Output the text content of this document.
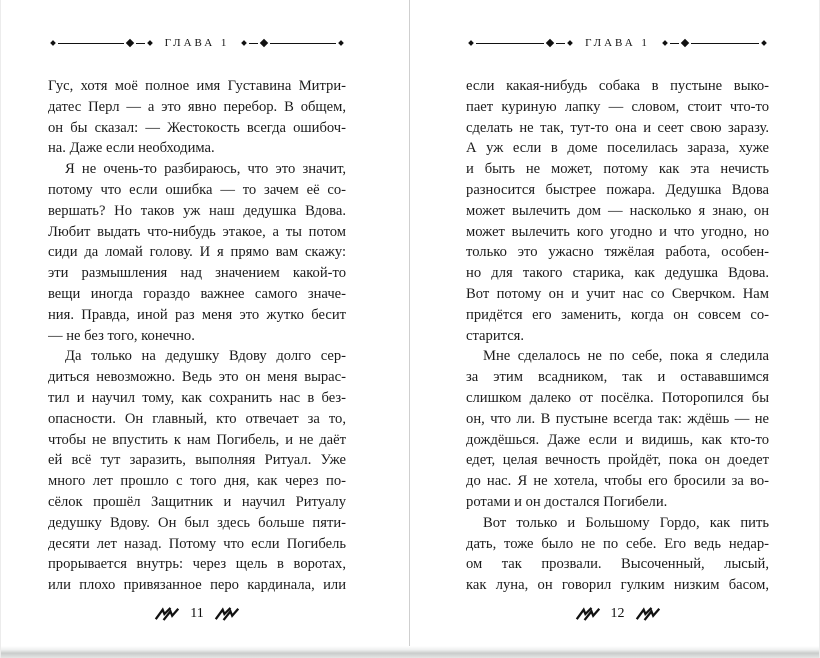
ГЛАВА 1
Гус, хотя моё полное имя Густавина Митри-
датес Перл — а это явно перебор. В общем,
он бы сказал: — Жестокость всегда ошибоч-
на. Даже если необходима.
Я не очень-то разбираюсь, что это значит,
потому что если ошибка — то зачем её со-
вершать? Но таков уж наш дедушка Вдова.
Любит выдать что-нибудь этакое, а ты потом
сиди да ломай голову. И я прямо вам скажу:
эти размышления над значением какой-то
вещи иногда гораздо важнее самого значе-
ния. Правда, иной раз меня это жутко бесит
— не без того, конечно.
Да только на дедушку Вдову долго сер-
диться невозможно. Ведь это он меня вырас-
тил и научил тому, как сохранить нас в без-
опасности. Он главный, кто отвечает за то,
чтобы не впустить к нам Погибель, и не даёт
ей всё тут заразить, выполняя Ритуал. Уже
много лет прошло с того дня, как через по-
сёлок прошёл Защитник и научил Ритуалу
дедушку Вдову. Он был здесь больше пяти-
десяти лет назад. Потому что если Погибель
прорывается внутрь: через щель в воротах,
или плохо привязанное перо кардинала, или
11
ГЛАВА 1
если какая-нибудь собака в пустыне выко-
пает куриную лапку — словом, стоит что-то
сделать не так, тут-то она и сеет свою заразу.
А уж если в доме поселилась зараза, хуже
и быть не может, потому как эта нечисть
разносится быстрее пожара. Дедушка Вдова
может вылечить дом — насколько я знаю, он
может вылечить кого угодно и что угодно, но
только это ужасно тяжёлая работа, особен-
но для такого старика, как дедушка Вдова.
Вот потому он и учит нас со Сверчком. Нам
придётся его заменить, когда он совсем со-
старится.
Мне сделалось не по себе, пока я следила
за этим всадником, так и остававшимся
слишком далеко от посёлка. Поторопился бы
он, что ли. В пустыне всегда так: ждёшь — не
дождёшься. Даже если и видишь, как кто-то
едет, целая вечность пройдёт, пока он доедет
до нас. Я не хотела, чтобы его бросили за во-
ротами и он достался Погибели.
Вот только и Большому Гордо, как пить
дать, тоже было не по себе. Его ведь недар-
ом так прозвали. Высоченный, лысый,
как луна, он говорил гулким низким басом,
12
